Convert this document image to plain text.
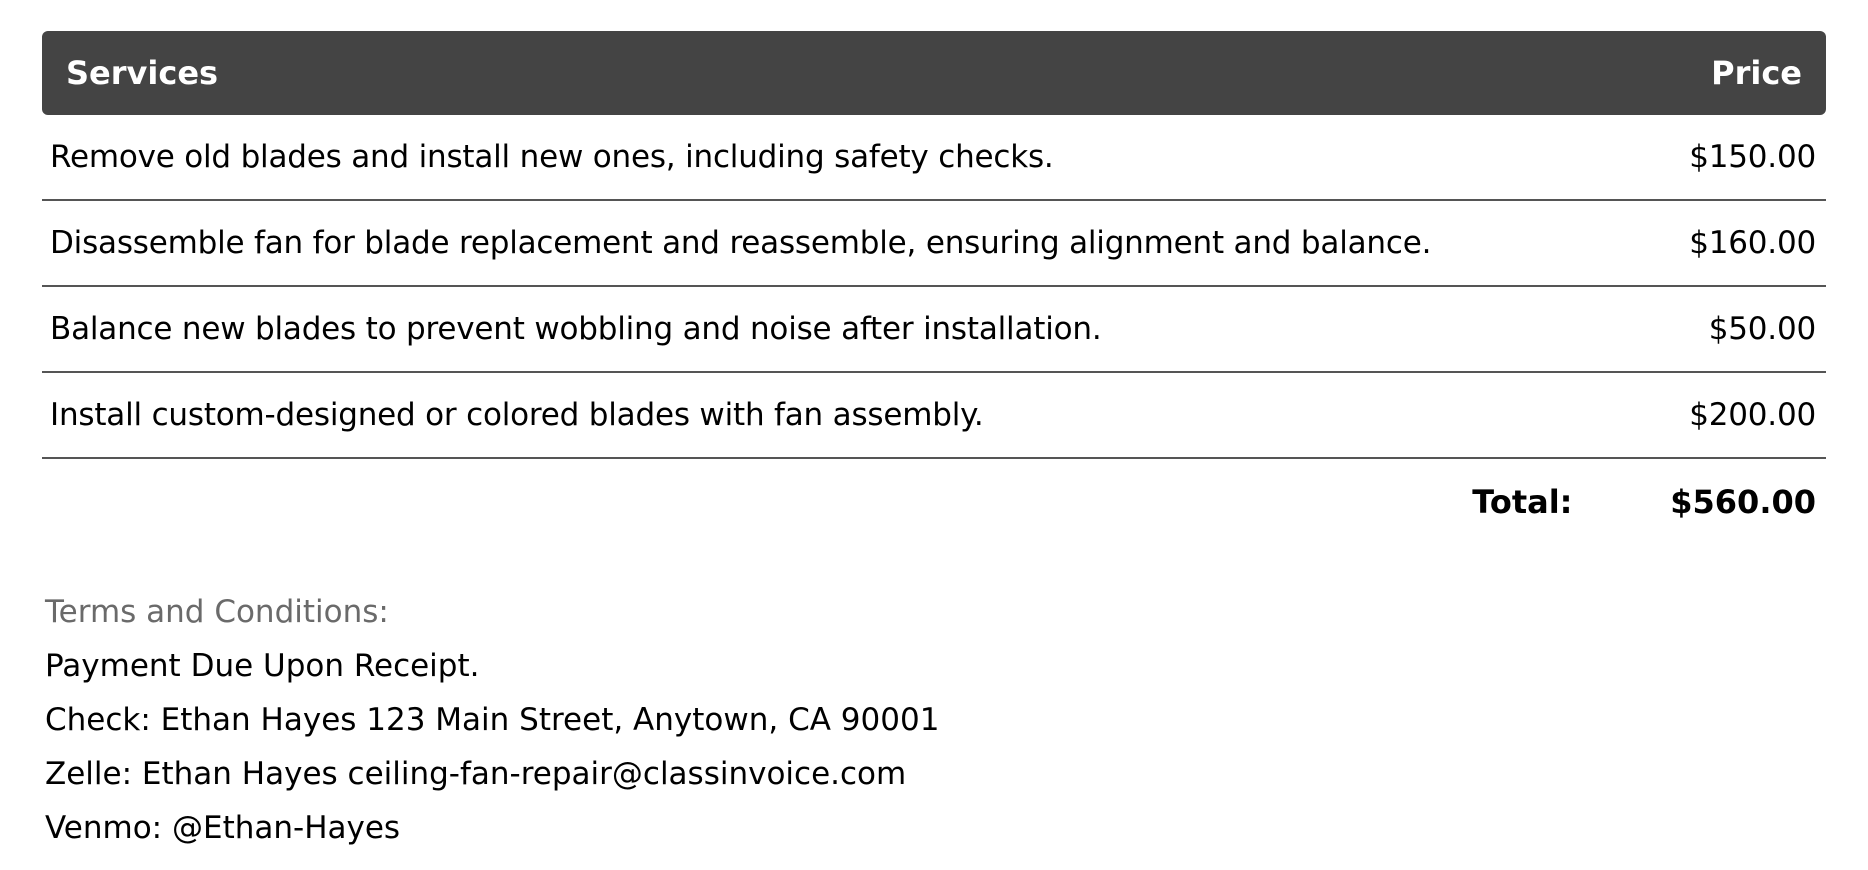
Services	Price
Remove old blades and install new ones, including safety checks.	$150.00
Disassemble fan for blade replacement and reassemble, ensuring alignment and balance.	$160.00
Balance new blades to prevent wobbling and noise after installation.	$50.00
Install custom-designed or colored blades with fan assembly.	$200.00
Total:	$560.00
Terms and Conditions:
Payment Due Upon Receipt.
Check: Ethan Hayes 123 Main Street, Anytown, CA 90001
Zelle: Ethan Hayes ceiling-fan-repair@classinvoice.com
Venmo: @Ethan-Hayes
